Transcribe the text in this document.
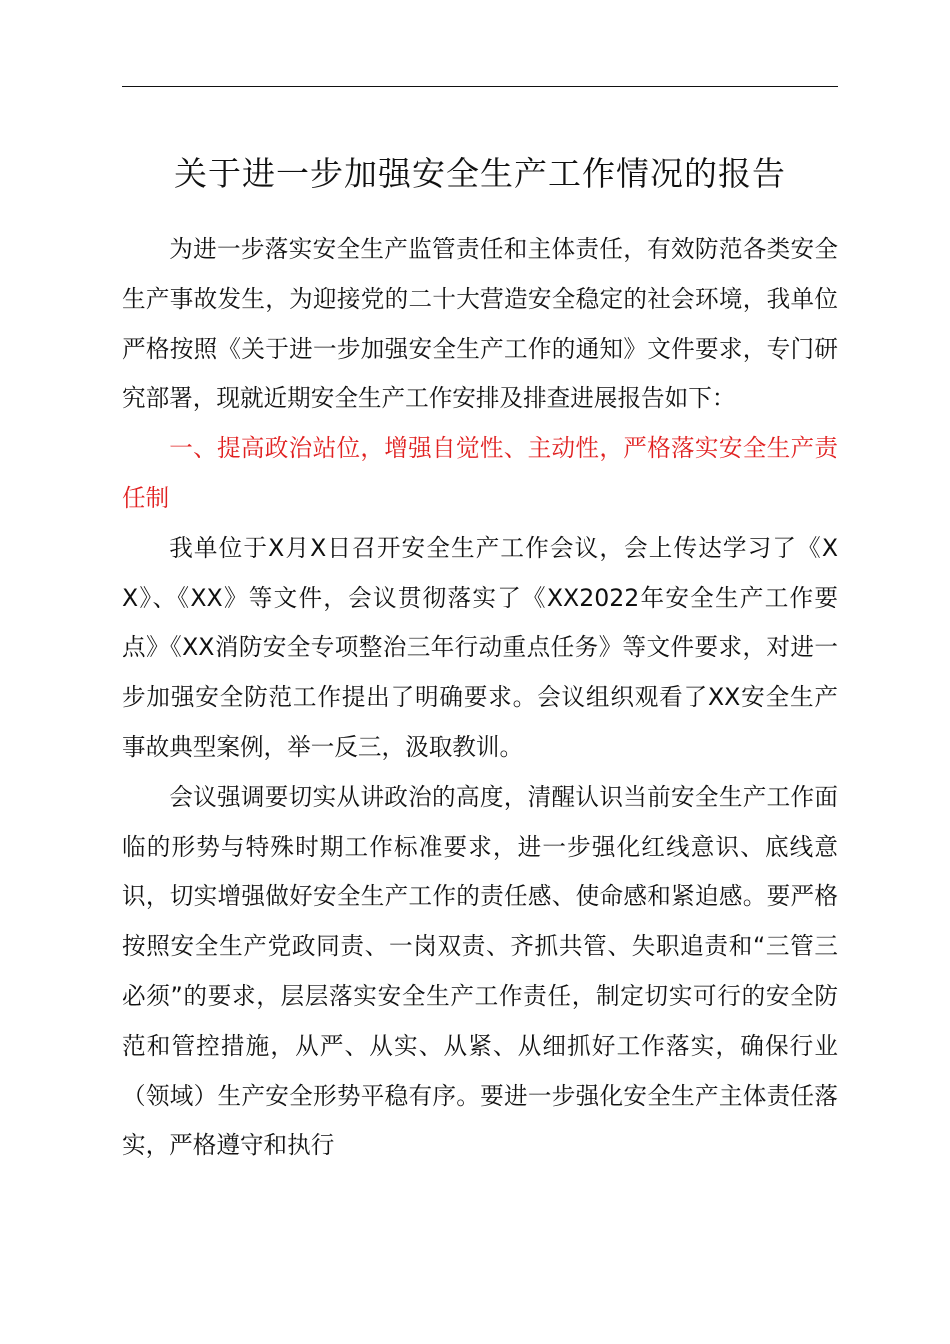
关于进一步加强安全生产工作情况的报告

为进一步落实安全生产监管责任和主体责任，有效防范各类安全生产事故发生，为迎接党的二十大营造安全稳定的社会环境，我单位严格按照《关于进一步加强安全生产工作的通知》文件要求，专门研究部署，现就近期安全生产工作安排及排查进展报告如下：

一、提高政治站位，增强自觉性、主动性，严格落实安全生产责任制

我单位于X月X日召开安全生产工作会议，会上传达学习了《XX》、《XX》等文件，会议贯彻落实了《XX2022年安全生产工作要点》《XX消防安全专项整治三年行动重点任务》等文件要求，对进一步加强安全防范工作提出了明确要求。会议组织观看了XX安全生产事故典型案例，举一反三，汲取教训。

会议强调要切实从讲政治的高度，清醒认识当前安全生产工作面临的形势与特殊时期工作标准要求，进一步强化红线意识、底线意识，切实增强做好安全生产工作的责任感、使命感和紧迫感。要严格按照安全生产党政同责、一岗双责、齐抓共管、失职追责和“三管三必须”的要求，层层落实安全生产工作责任，制定切实可行的安全防范和管控措施，从严、从实、从紧、从细抓好工作落实，确保行业（领域）生产安全形势平稳有序。要进一步强化安全生产主体责任落实，严格遵守和执行
